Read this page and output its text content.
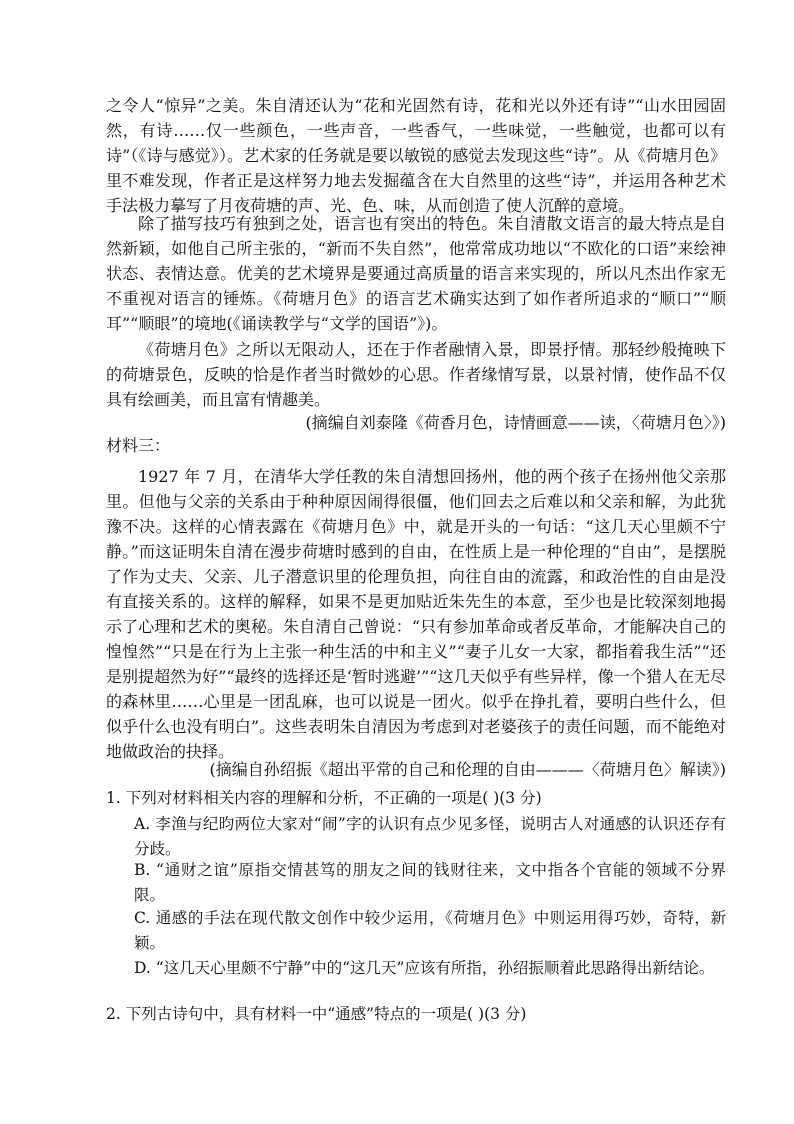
之令人“惊异”之美。朱自清还认为“花和光固然有诗，花和光以外还有诗”“山水田园固然，有诗……仅一些颜色，一些声音，一些香气，一些味觉，一些触觉，也都可以有诗”（《诗与感觉》）。艺术家的任务就是要以敏锐的感觉去发现这些“诗”。从《荷塘月色》里不难发现，作者正是这样努力地去发掘蕴含在大自然里的这些“诗”，并运用各种艺术手法极力摹写了月夜荷塘的声、光、色、味，从而创造了使人沉醉的意境。

除了描写技巧有独到之处，语言也有突出的特色。朱自清散文语言的最大特点是自然新颖，如他自己所主张的，“新而不失自然”，他常常成功地以“不欧化的口语”来绘神状态、表情达意。优美的艺术境界是要通过高质量的语言来实现的，所以凡杰出作家无不重视对语言的锤炼。《荷塘月色》的语言艺术确实达到了如作者所追求的“顺口”“顺耳”“顺眼”的境地(《诵读教学与“文学的国语”》)。

《荷塘月色》之所以无限动人，还在于作者融情入景，即景抒情。那轻纱般掩映下的荷塘景色，反映的恰是作者当时微妙的心思。作者缘情写景，以景衬情，使作品不仅具有绘画美，而且富有情趣美。

(摘编自刘泰隆《荷香月色，诗情画意——读，〈荷塘月色〉》)

材料三：

1927 年 7 月，在清华大学任教的朱自清想回扬州，他的两个孩子在扬州他父亲那里。但他与父亲的关系由于种种原因闹得很僵，他们回去之后难以和父亲和解，为此犹豫不决。这样的心情表露在《荷塘月色》中，就是开头的一句话：“这几天心里颇不宁静。”而这证明朱自清在漫步荷塘时感到的自由，在性质上是一种伦理的“自由”，是摆脱了作为丈夫、父亲、儿子潜意识里的伦理负担，向往自由的流露，和政治性的自由是没有直接关系的。这样的解释，如果不是更加贴近朱先生的本意，至少也是比较深刻地揭示了心理和艺术的奥秘。朱自清自己曾说：“只有参加革命或者反革命，才能解决自己的惶惶然”“只是在行为上主张一种生活的中和主义”“妻子儿女一大家，都指着我生活”“还是别提超然为好”“最终的选择还是‘暂时逃避’”“这几天似乎有些异样，像一个猎人在无尽的森林里……心里是一团乱麻，也可以说是一团火。似乎在挣扎着，要明白些什么，但似乎什么也没有明白”。这些表明朱自清因为考虑到对老婆孩子的责任问题，而不能绝对地做政治的抉择。

(摘编自孙绍振《超出平常的自己和伦理的自由———〈荷塘月色〉解读》)

1. 下列对材料相关内容的理解和分析，不正确的一项是( )(3 分)

A. 李渔与纪昀两位大家对“闹”字的认识有点少见多怪，说明古人对通感的认识还存有分歧。

B. “通财之谊”原指交情甚笃的朋友之间的钱财往来，文中指各个官能的领域不分界限。

C. 通感的手法在现代散文创作中较少运用，《荷塘月色》中则运用得巧妙，奇特，新颖。

D. “这几天心里颇不宁静”中的“这几天”应该有所指，孙绍振顺着此思路得出新结论。

2. 下列古诗句中，具有材料一中“通感”特点的一项是( )(3 分)
